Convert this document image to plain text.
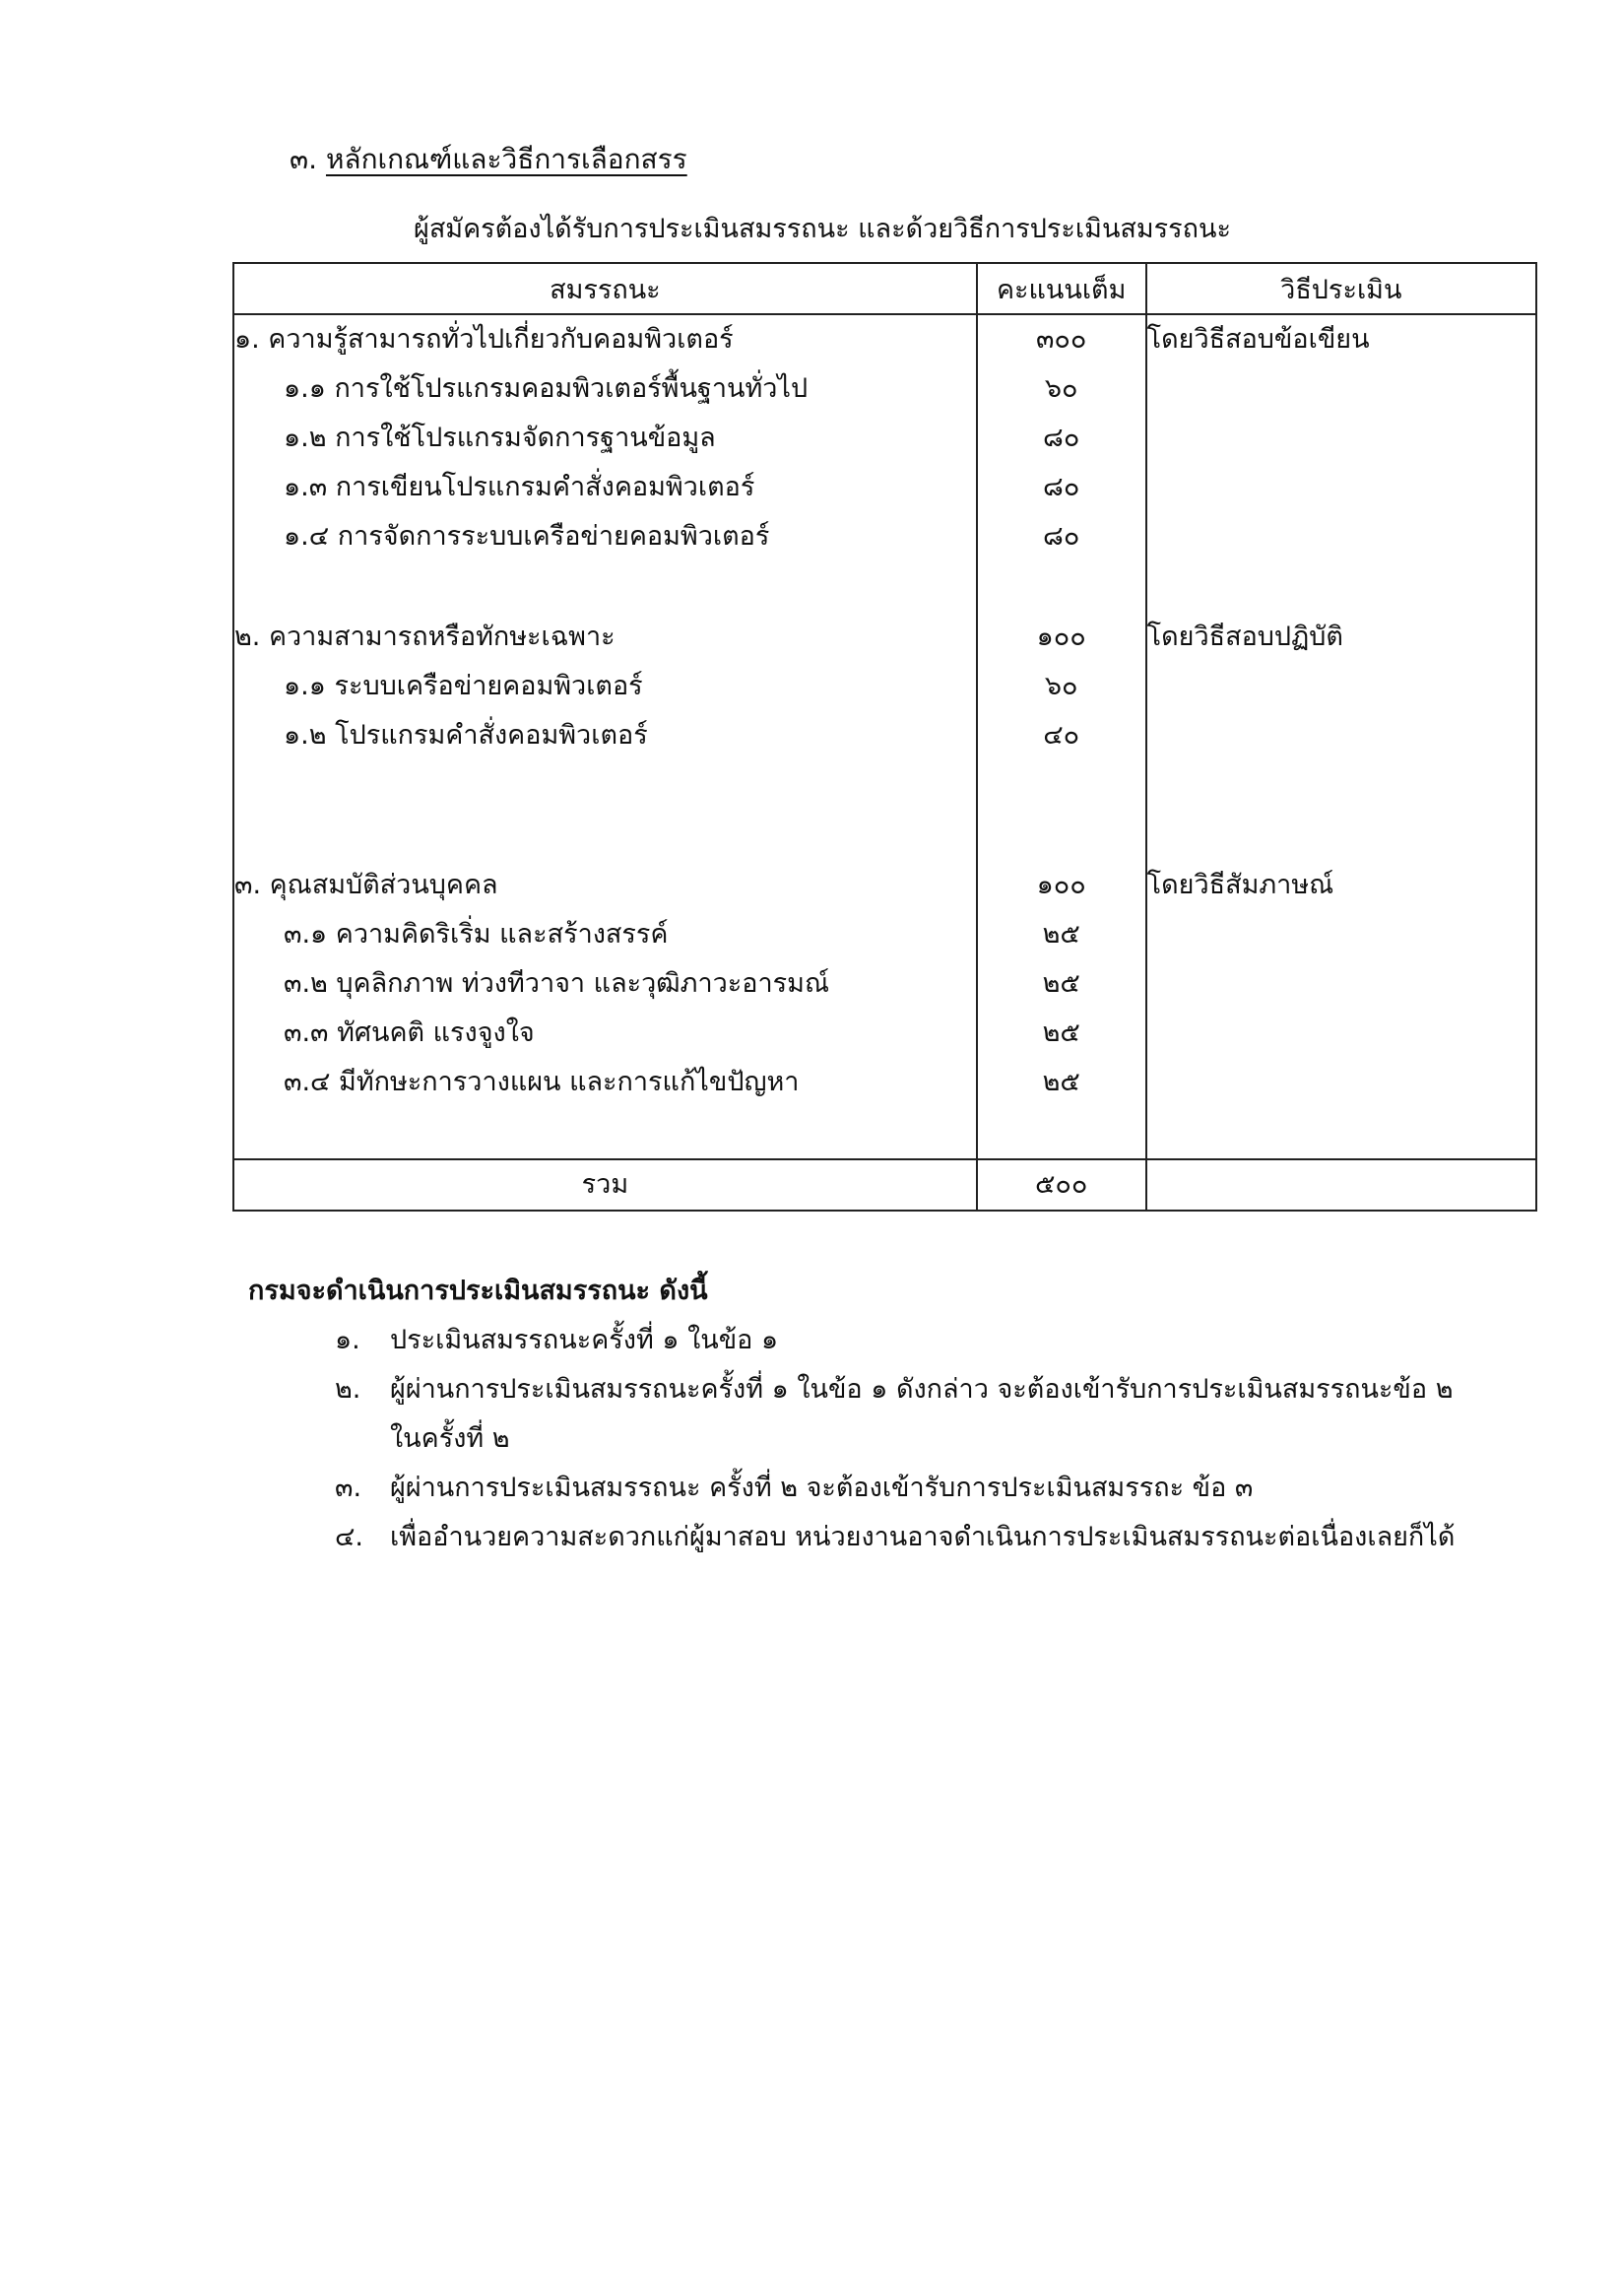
๓. หลักเกณฑ์และวิธีการเลือกสรร
ผู้สมัครต้องได้รับการประเมินสมรรถนะ และด้วยวิธีการประเมินสมรรถนะ
สมรรถนะ	คะแนนเต็ม	วิธีประเมิน
๑. ความรู้สามารถทั่วไปเกี่ยวกับคอมพิวเตอร์	๓๐๐	โดยวิธีสอบข้อเขียน
๑.๑ การใช้โปรแกรมคอมพิวเตอร์พื้นฐานทั่วไป	๖๐	
๑.๒ การใช้โปรแกรมจัดการฐานข้อมูล	๘๐	
๑.๓ การเขียนโปรแกรมคำสั่งคอมพิวเตอร์	๘๐	
๑.๔ การจัดการระบบเครือข่ายคอมพิวเตอร์	๘๐	

๒. ความสามารถหรือทักษะเฉพาะ	๑๐๐	โดยวิธีสอบปฏิบัติ
๑.๑ ระบบเครือข่ายคอมพิวเตอร์	๖๐	
๑.๒ โปรแกรมคำสั่งคอมพิวเตอร์	๔๐	

๓. คุณสมบัติส่วนบุคคล	๑๐๐	โดยวิธีสัมภาษณ์
๓.๑ ความคิดริเริ่ม และสร้างสรรค์	๒๕	
๓.๒ บุคลิกภาพ ท่วงทีวาจา และวุฒิภาวะอารมณ์	๒๕	
๓.๓ ทัศนคติ แรงจูงใจ	๒๕	
๓.๔ มีทักษะการวางแผน และการแก้ไขปัญหา	๒๕	

รวม	๕๐๐	
กรมจะดำเนินการประเมินสมรรถนะ ดังนี้
๑. ประเมินสมรรถนะครั้งที่ ๑ ในข้อ ๑
๒. ผู้ผ่านการประเมินสมรรถนะครั้งที่ ๑ ในข้อ ๑ ดังกล่าว จะต้องเข้ารับการประเมินสมรรถนะข้อ ๒ ในครั้งที่ ๒
๓. ผู้ผ่านการประเมินสมรรถนะ ครั้งที่ ๒ จะต้องเข้ารับการประเมินสมรรถะ ข้อ ๓
๔. เพื่ออำนวยความสะดวกแก่ผู้มาสอบ หน่วยงานอาจดำเนินการประเมินสมรรถนะต่อเนื่องเลยก็ได้
